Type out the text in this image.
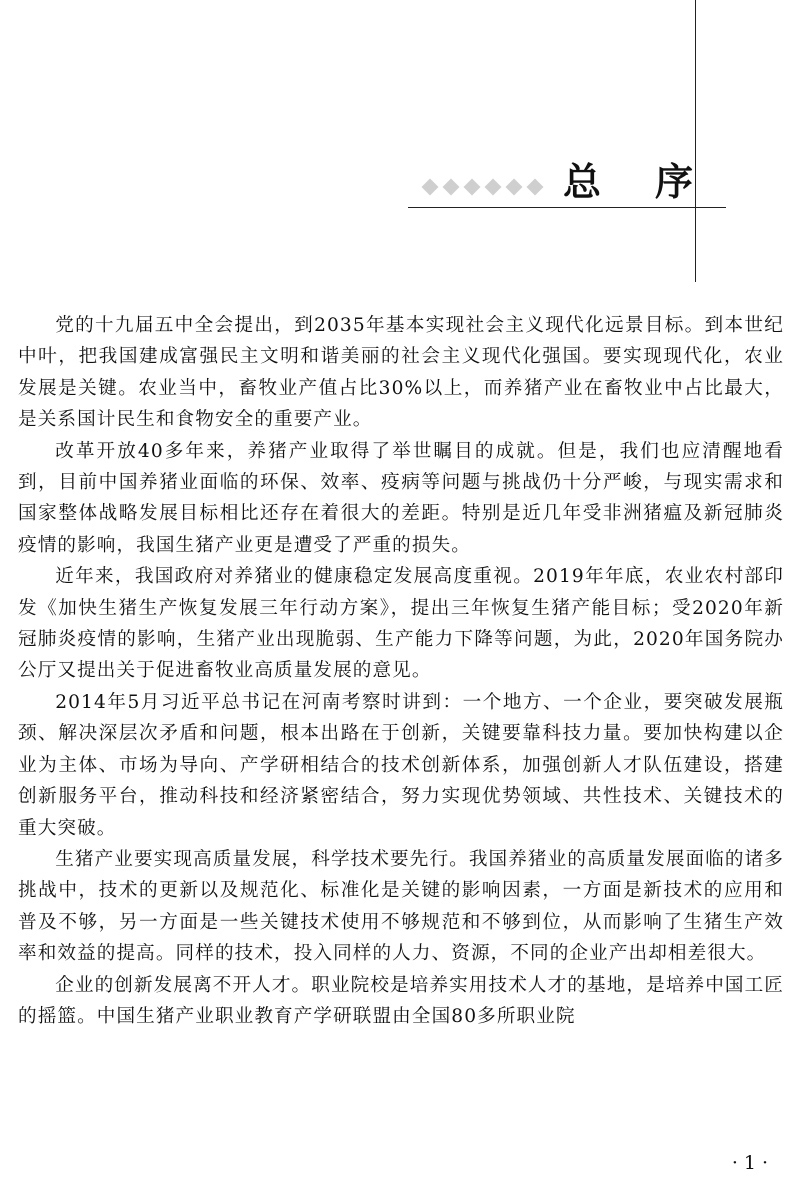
总 序

党的十九届五中全会提出，到2035年基本实现社会主义现代化远景目标。到本世纪中叶，把我国建成富强民主文明和谐美丽的社会主义现代化强国。要实现现代化，农业发展是关键。农业当中，畜牧业产值占比30%以上，而养猪产业在畜牧业中占比最大，是关系国计民生和食物安全的重要产业。

改革开放40多年来，养猪产业取得了举世瞩目的成就。但是，我们也应清醒地看到，目前中国养猪业面临的环保、效率、疫病等问题与挑战仍十分严峻，与现实需求和国家整体战略发展目标相比还存在着很大的差距。特别是近几年受非洲猪瘟及新冠肺炎疫情的影响，我国生猪产业更是遭受了严重的损失。

近年来，我国政府对养猪业的健康稳定发展高度重视。2019年年底，农业农村部印发《加快生猪生产恢复发展三年行动方案》，提出三年恢复生猪产能目标；受2020年新冠肺炎疫情的影响，生猪产业出现脆弱、生产能力下降等问题，为此，2020年国务院办公厅又提出关于促进畜牧业高质量发展的意见。

2014年5月习近平总书记在河南考察时讲到：一个地方、一个企业，要突破发展瓶颈、解决深层次矛盾和问题，根本出路在于创新，关键要靠科技力量。要加快构建以企业为主体、市场为导向、产学研相结合的技术创新体系，加强创新人才队伍建设，搭建创新服务平台，推动科技和经济紧密结合，努力实现优势领域、共性技术、关键技术的重大突破。

生猪产业要实现高质量发展，科学技术要先行。我国养猪业的高质量发展面临的诸多挑战中，技术的更新以及规范化、标准化是关键的影响因素，一方面是新技术的应用和普及不够，另一方面是一些关键技术使用不够规范和不够到位，从而影响了生猪生产效率和效益的提高。同样的技术，投入同样的人力、资源，不同的企业产出却相差很大。

企业的创新发展离不开人才。职业院校是培养实用技术人才的基地，是培养中国工匠的摇篮。中国生猪产业职业教育产学研联盟由全国80多所职业院

·1·
